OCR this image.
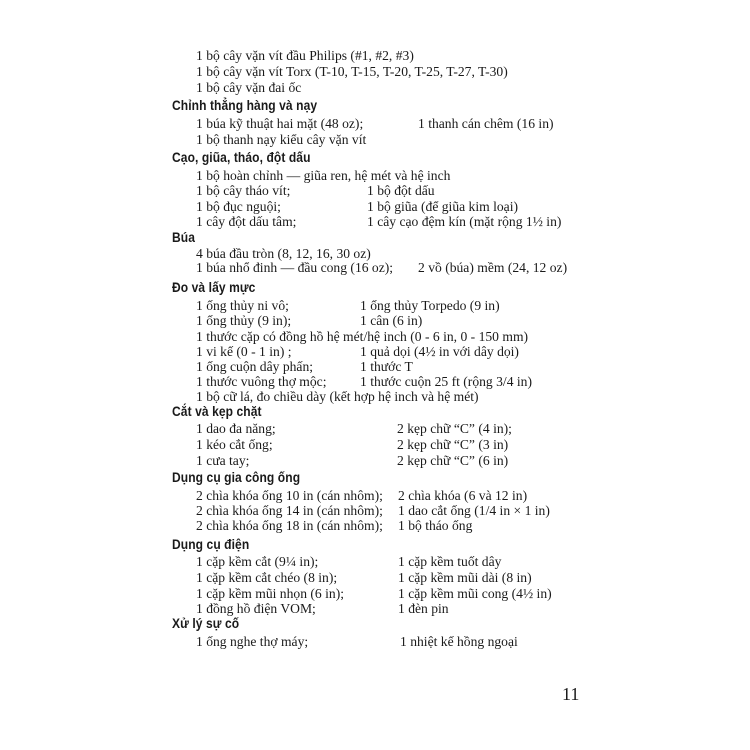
1 bộ cây vặn vít đầu Philips (#1, #2, #3)
1 bộ cây vặn vít Torx (T-10, T-15, T-20, T-25, T-27, T-30)
1 bộ cây vặn đai ốc
Chỉnh thẳng hàng và nạy
1 búa kỹ thuật hai mặt (48 oz);	1 thanh cán chêm (16 in)
1 bộ thanh nạy kiểu cây vặn vít
Cạo, giũa, tháo, đột dấu
1 bộ hoàn chỉnh — giũa ren, hệ mét và hệ inch
1 bộ cây tháo vít;	1 bộ đột dấu
1 bộ đục nguội;	1 bộ giũa (để giũa kim loại)
1 cây đột dấu tâm;	1 cây cạo đệm kín (mặt rộng 1½ in)
Búa
4 búa đầu tròn (8, 12, 16, 30 oz)
1 búa nhổ đinh — đầu cong (16 oz); 2 vồ (búa) mềm (24, 12 oz)
Đo và lấy mực
1 ống thủy ni vô;	1 ống thủy Torpedo (9 in)
1 ống thủy (9 in);	1 cân (6 in)
1 thước cặp có đồng hồ hệ mét/hệ inch (0 - 6 in, 0 - 150 mm)
1 vi kế (0 - 1 in) ;	1 quả dọi (4½ in với dây dọi)
1 ống cuộn dây phấn;	1 thước T
1 thước vuông thợ mộc; 1 thước cuộn 25 ft (rộng 3/4 in)
1 bộ cữ lá, đo chiều dày (kết hợp hệ inch và hệ mét)
Cắt và kẹp chặt
1 dao đa năng;	2 kẹp chữ “C” (4 in);
1 kéo cắt ống;	2 kẹp chữ “C” (3 in)
1 cưa tay;	2 kẹp chữ “C” (6 in)
Dụng cụ gia công ống
2 chìa khóa ống 10 in (cán nhôm); 2 chìa khóa (6 và 12 in)
2 chìa khóa ống 14 in (cán nhôm); 1 dao cắt ống (1/4 in × 1 in)
2 chìa khóa ống 18 in (cán nhôm); 1 bộ tháo ống
Dụng cụ điện
1 cặp kềm cắt (9¼ in);	1 cặp kềm tuốt dây
1 cặp kềm cắt chéo (8 in);	1 cặp kềm mũi dài (8 in)
1 cặp kềm mũi nhọn (6 in);	1 cặp kềm mũi cong (4½ in)
1 đồng hồ điện VOM;	1 đèn pin
Xử lý sự cố
1 ống nghe thợ máy;	1 nhiệt kế hồng ngoại
11
